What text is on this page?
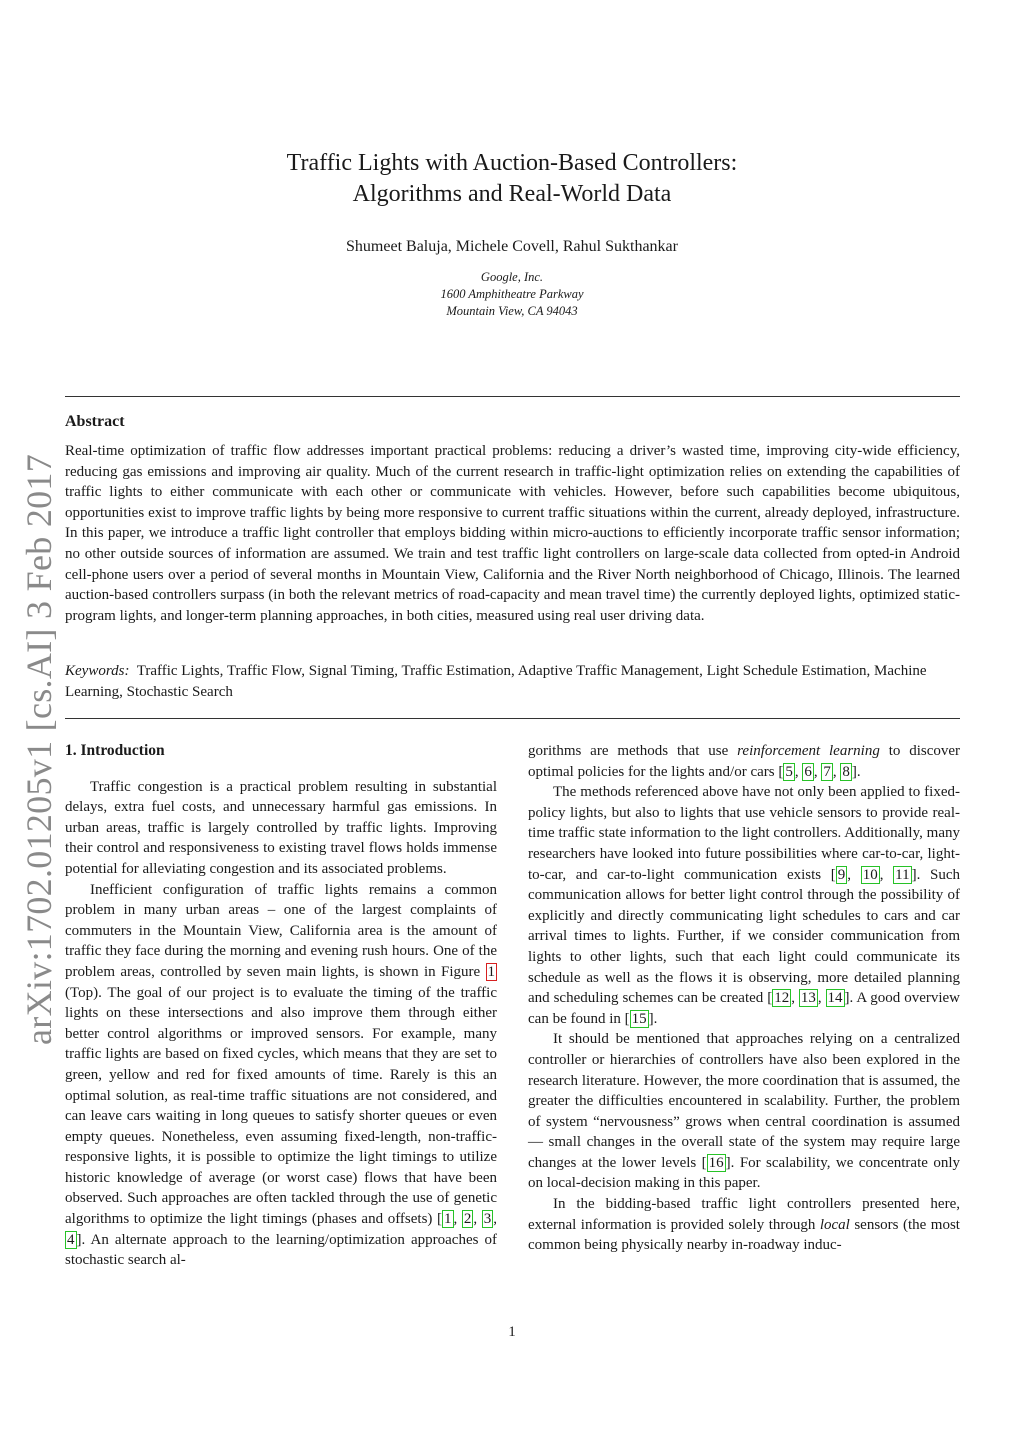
arXiv:1702.01205v1 [cs.AI] 3 Feb 2017
Traffic Lights with Auction-Based Controllers:
Algorithms and Real-World Data
Shumeet Baluja, Michele Covell, Rahul Sukthankar
Google, Inc.
1600 Amphitheatre Parkway
Mountain View, CA 94043
Abstract
Real-time optimization of traffic flow addresses important practical problems: reducing a driver’s wasted time, improving city-wide efficiency, reducing gas emissions and improving air quality. Much of the current research in traffic-light optimization relies on extending the capabilities of traffic lights to either communicate with each other or communicate with vehicles. However, before such capabilities become ubiquitous, opportunities exist to improve traffic lights by being more responsive to current traffic situations within the current, already deployed, infrastructure. In this paper, we introduce a traffic light controller that employs bidding within micro-auctions to efficiently incorporate traffic sensor information; no other outside sources of information are assumed. We train and test traffic light controllers on large-scale data collected from opted-in Android cell-phone users over a period of several months in Mountain View, California and the River North neighborhood of Chicago, Illinois. The learned auction-based controllers surpass (in both the relevant metrics of road-capacity and mean travel time) the currently deployed lights, optimized static-program lights, and longer-term planning approaches, in both cities, measured using real user driving data.
Keywords: Traffic Lights, Traffic Flow, Signal Timing, Traffic Estimation, Adaptive Traffic Management, Light Schedule Estimation, Machine Learning, Stochastic Search
1. Introduction

Traffic congestion is a practical problem resulting in substantial delays, extra fuel costs, and unnecessary harmful gas emissions. In urban areas, traffic is largely controlled by traffic lights. Improving their control and responsiveness to existing travel flows holds immense potential for alleviating congestion and its associated problems.

Inefficient configuration of traffic lights remains a common problem in many urban areas – one of the largest complaints of commuters in the Mountain View, California area is the amount of traffic they face during the morning and evening rush hours. One of the problem areas, controlled by seven main lights, is shown in Figure 1 (Top). The goal of our project is to evaluate the timing of the traffic lights on these intersections and also improve them through either better control algorithms or improved sensors. For example, many traffic lights are based on fixed cycles, which means that they are set to green, yellow and red for fixed amounts of time. Rarely is this an optimal solution, as real-time traffic situations are not considered, and can leave cars waiting in long queues to satisfy shorter queues or even empty queues. Nonetheless, even assuming fixed-length, non-traffic-responsive lights, it is possible to optimize the light timings to utilize historic knowledge of average (or worst case) flows that have been observed. Such approaches are often tackled through the use of genetic algorithms to optimize the light timings (phases and offsets) [ 1 , 2 , 3 , 4 ]. An alternate approach to the learning/optimization approaches of stochastic search al-

gorithms are methods that use reinforcement learning to discover optimal policies for the lights and/or cars [ 5 , 6 , 7 , 8 ].

The methods referenced above have not only been applied to fixed-policy lights, but also to lights that use vehicle sensors to provide real-time traffic state information to the light controllers. Additionally, many researchers have looked into future possibilities where car-to-car, light-to-car, and car-to-light communication exists [ 9 , 10 , 11 ]. Such communication allows for better light control through the possibility of explicitly and directly communicating light schedules to cars and car arrival times to lights. Further, if we consider communication from lights to other lights, such that each light could communicate its schedule as well as the flows it is observing, more detailed planning and scheduling schemes can be created [ 12 , 13 , 14 ]. A good overview can be found in [ 15 ].

It should be mentioned that approaches relying on a centralized controller or hierarchies of controllers have also been explored in the research literature. However, the more coordination that is assumed, the greater the difficulties encountered in scalability. Further, the problem of system “nervousness” grows when central coordination is assumed — small changes in the overall state of the system may require large changes at the lower levels [ 16 ]. For scalability, we concentrate only on local-decision making in this paper.

In the bidding-based traffic light controllers presented here, external information is provided solely through local sensors (the most common being physically nearby in-roadway induc-

1
